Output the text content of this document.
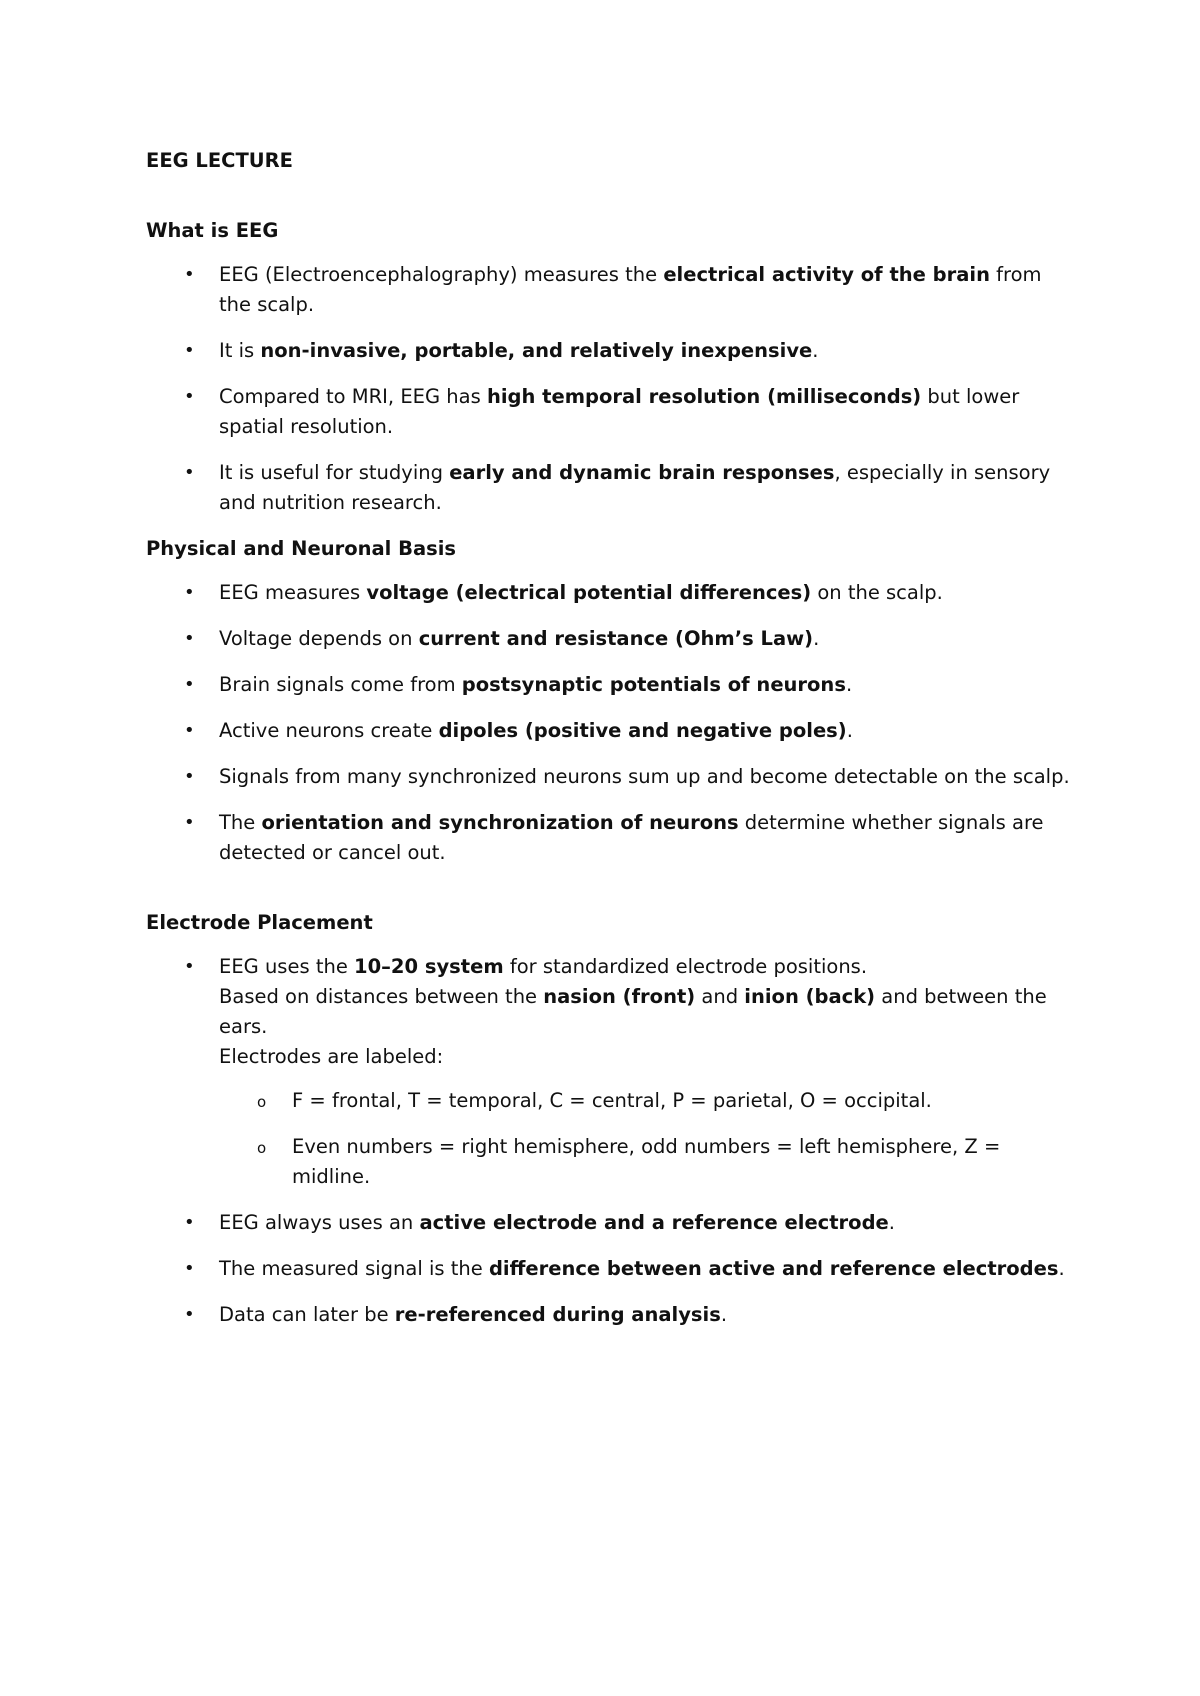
EEG LECTURE
What is EEG
• EEG (Electroencephalography) measures the electrical activity of the brain from the scalp.
• It is non-invasive, portable, and relatively inexpensive.
• Compared to MRI, EEG has high temporal resolution (milliseconds) but lower spatial resolution.
• It is useful for studying early and dynamic brain responses, especially in sensory and nutrition research.
Physical and Neuronal Basis
• EEG measures voltage (electrical potential differences) on the scalp.
• Voltage depends on current and resistance (Ohm’s Law).
• Brain signals come from postsynaptic potentials of neurons.
• Active neurons create dipoles (positive and negative poles).
• Signals from many synchronized neurons sum up and become detectable on the scalp.
• The orientation and synchronization of neurons determine whether signals are detected or cancel out.
Electrode Placement
• EEG uses the 10–20 system for standardized electrode positions.
Based on distances between the nasion (front) and inion (back) and between the ears.
Electrodes are labeled:
o F = frontal, T = temporal, C = central, P = parietal, O = occipital.
o Even numbers = right hemisphere, odd numbers = left hemisphere, Z = midline.
• EEG always uses an active electrode and a reference electrode.
• The measured signal is the difference between active and reference electrodes.
• Data can later be re-referenced during analysis.
